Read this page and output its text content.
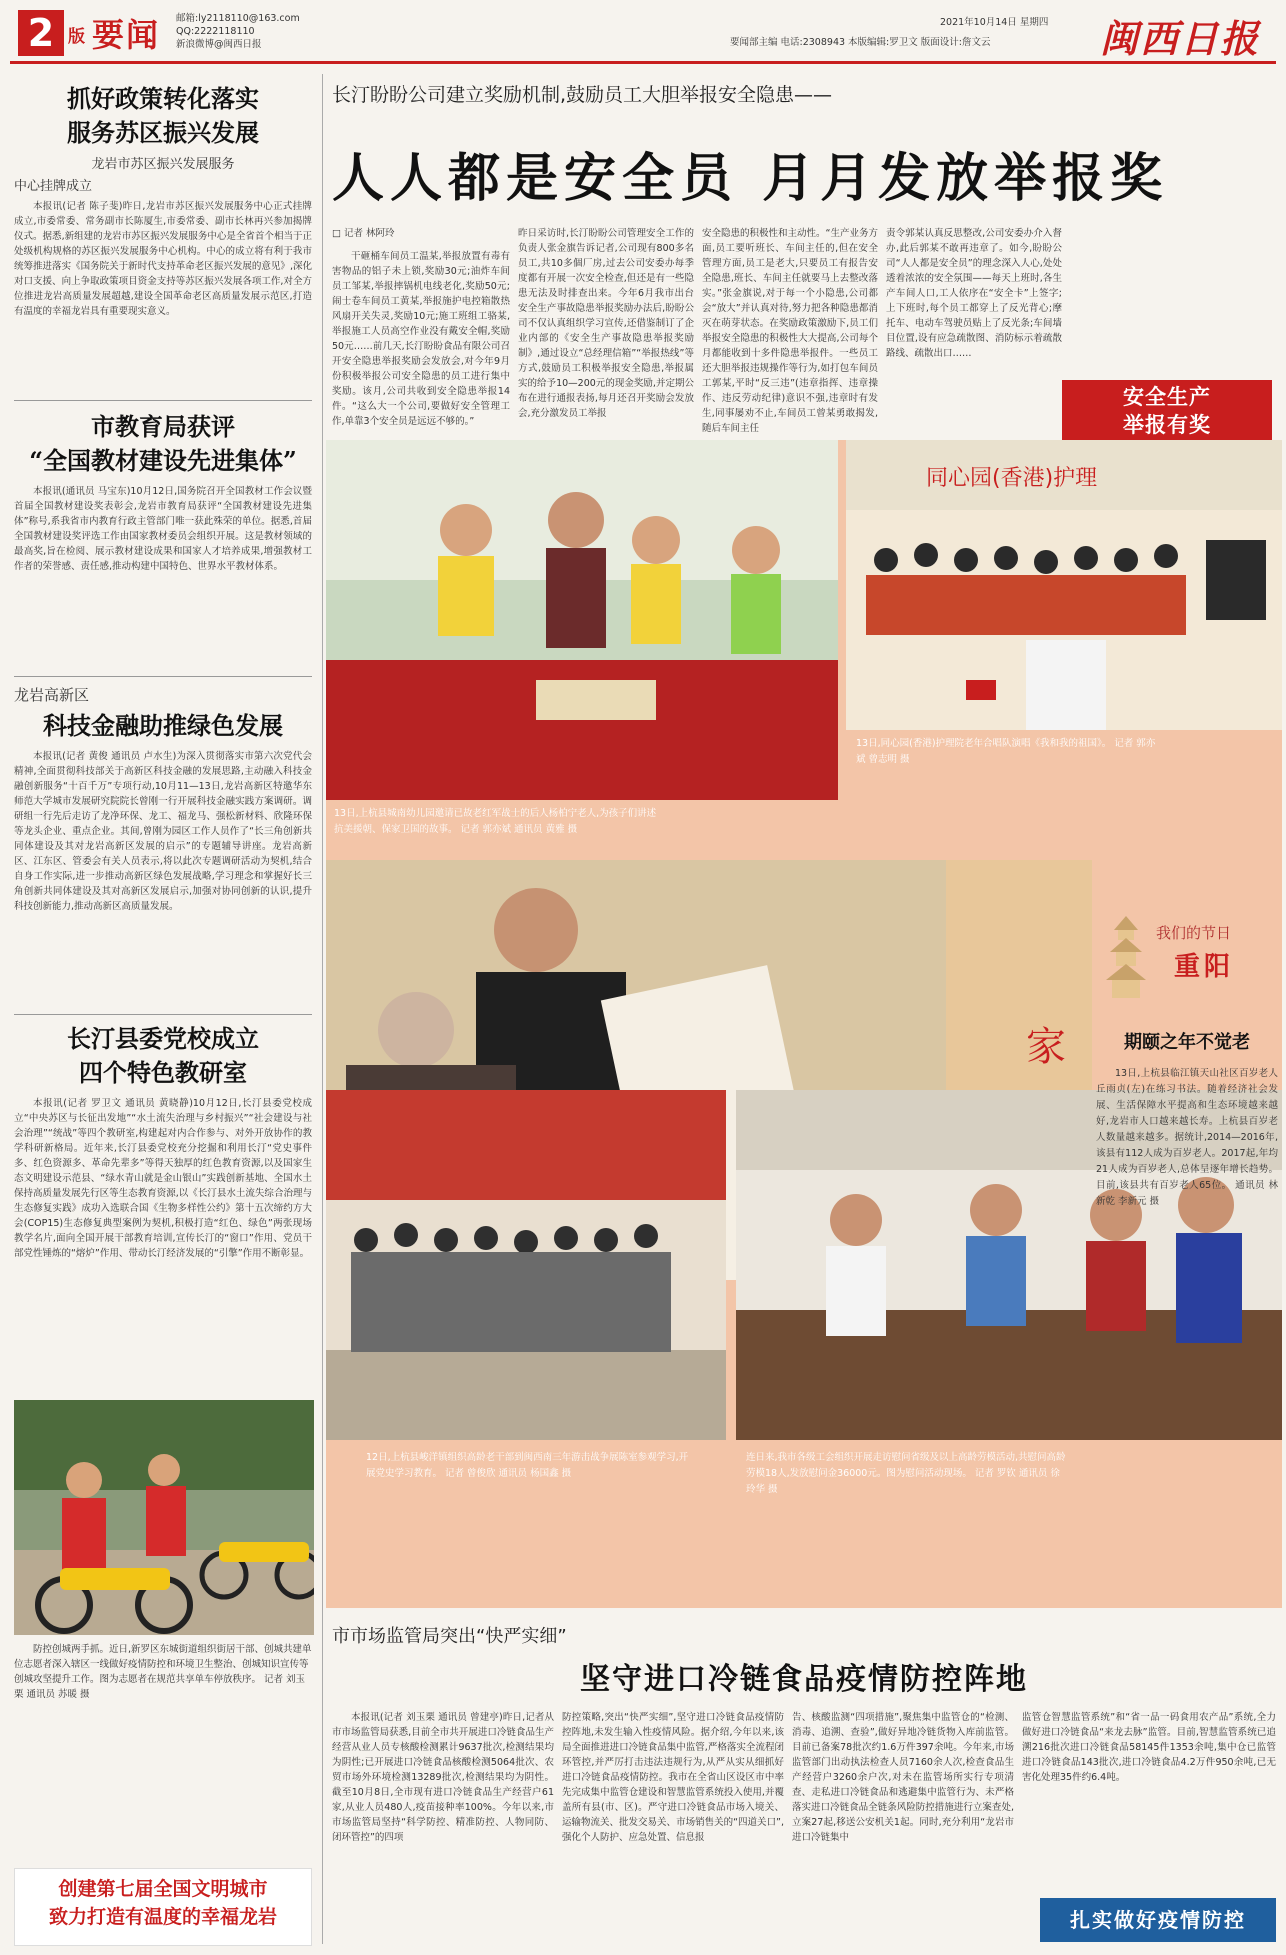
2 版 要闻 邮箱:ly2118110@163.com
QQ:2222118110
新浪微博@闽西日报
2021年10月14日 星期四
要闻部主编 电话:2308943 本版编辑:罗卫文 版面设计:詹文云	闽西日报
抓好政策转化落实
服务苏区振兴发展
龙岩市苏区振兴发展服务
中心挂牌成立

本报讯(记者 陈子斐)昨日,龙岩市苏区振兴发展服务中心正式挂牌成立,市委常委、常务副市长陈厦生,市委常委、副市长林再兴参加揭牌仪式。据悉,新组建的龙岩市苏区振兴发展服务中心是全省首个相当于正处级机构规格的苏区振兴发展服务中心机构。中心的成立将有利于我市统筹推进落实《国务院关于新时代支持革命老区振兴发展的意见》,深化对口支援、向上争取政策项目资金支持等苏区振兴发展各项工作,对全方位推进龙岩高质量发展超越,建设全国革命老区高质量发展示范区,打造有温度的幸福龙岩具有重要现实意义。

市教育局获评
“全国教材建设先进集体”

本报讯(通讯员 马宝东)10月12日,国务院召开全国教材工作会议暨首届全国教材建设奖表彰会,龙岩市教育局获评“全国教材建设先进集体”称号,系我省市内教育行政主管部门唯一获此殊荣的单位。据悉,首届全国教材建设奖评选工作由国家教材委员会组织开展。这是教材领域的最高奖,旨在检阅、展示教材建设成果和国家人才培养成果,增强教材工作者的荣誉感、责任感,推动构建中国特色、世界水平教材体系。

龙岩高新区
科技金融助推绿色发展

本报讯(记者 黄俊 通讯员 卢水生)为深入贯彻落实市第六次党代会精神,全面贯彻科技部关于高新区科技金融的发展思路,主动融入科技金融创新服务“十百千万”专项行动,10月11—13日,龙岩高新区特邀华东师范大学城市发展研究院院长曾刚一行开展科技金融实践方案调研。调研组一行先后走访了龙净环保、龙工、福龙马、强松新材料、欣隆环保等龙头企业、重点企业。其间,曾刚为园区工作人员作了“长三角创新共同体建设及其对龙岩高新区发展的启示”的专题辅导讲座。龙岩高新区、江东区、管委会有关人员表示,将以此次专题调研活动为契机,结合自身工作实际,进一步推动高新区绿色发展战略,学习理念和掌握好长三角创新共同体建设及其对高新区发展启示,加强对协同创新的认识,提升科技创新能力,推动高新区高质量发展。

长汀县委党校成立
四个特色教研室

本报讯(记者 罗卫文 通讯员 黄晓静)10月12日,长汀县委党校成立“中央苏区与长征出发地”“水土流失治理与乡村振兴”“社会建设与社会治理”“统战”等四个教研室,构建起对内合作参与、对外开放协作的教学科研新格局。近年来,长汀县委党校充分挖掘和利用长汀“党史事件多、红色资源多、革命先辈多”等得天独厚的红色教育资源,以及国家生态文明建设示范县、“绿水青山就是金山银山”实践创新基地、全国水土保持高质量发展先行区等生态教育资源,以《长汀县水土流失综合治理与生态修复实践》成功入选联合国《生物多样性公约》第十五次缔约方大会(COP15)生态修复典型案例为契机,积极打造“红色、绿色”两张现场教学名片,面向全国开展干部教育培训,宣传长汀的“窗口”作用、党员干部党性锤炼的“熔炉”作用、带动长汀经济发展的“引擎”作用不断彰显。

防控创城两手抓。近日,新罗区东城街道组织街居干部、创城共建单位志愿者深入辖区一线做好疫情防控和环境卫生整治、创城知识宣传等创城攻坚提升工作。图为志愿者在规范共享单车停放秩序。 记者 刘玉栗 通讯员 苏暖 摄

创建第七届全国文明城市
致力打造有温度的幸福龙岩
长汀盼盼公司建立奖励机制,鼓励员工大胆举报安全隐患——
人人都是安全员 月月发放举报奖
□ 记者 林阿玲

干砸桶车间员工温某,举报放置有毒有害物品的铝子未上锁,奖励30元;油炸车间员工邹某,举报摔锅机电线老化,奖励50元;闹士卷车间员工黄某,举报施护电控箱散热风扇开关失灵,奖励10元;施工班组工骆某,举报施工人员高空作业没有戴安全帽,奖励50元……前几天,长汀盼盼食品有限公司召开安全隐患举报奖励会发放会,对今年9月份积极举报公司安全隐患的员工进行集中奖励。该月,公司共收到安全隐患举报14件。“这么大一个公司,要做好安全管理工作,单靠3个安全员是远远不够的。”

昨日采访时,长汀盼盼公司管理安全工作的负责人张金旗告诉记者,公司现有800多名员工,共10多個厂房,过去公司安委办每季度都有开展一次安全检查,但还是有一些隐患无法及时排查出来。今年6月我市出台安全生产事故隐患举报奖励办法后,盼盼公司不仅认真组织学习宣传,还借鉴制订了企业内部的《安全生产事故隐患举报奖励制》,通过设立“总经理信箱”“举报热线”等方式,鼓励员工积极举报安全隐患,举报属实的给予10—200元的现金奖励,并定期公布在进行通报表扬,每月还召开奖励会发放会,充分激发员工举报

安全隐患的积极性和主动性。“生产业务方面,员工要听班长、车间主任的,但在安全管理方面,员工是老大,只要员工有报告安全隐患,班长、车间主任就要马上去整改落实。”张金旗说,对于每一个小隐患,公司都会“放大”并认真对待,努力把各种隐患都消灭在萌芽状态。在奖励政策激励下,员工们举报安全隐患的积极性大大提高,公司每个月都能收到十多件隐患举报件。一些员工还大胆举报违规操作等行为,如打包车间员工郭某,平时“反三违”(违章指挥、违章操作、违反劳动纪律)意识不强,违章时有发生,同事屡劝不止,车间员工曾某勇敢揭发,随后车间主任

责令郭某认真反思整改,公司安委办介入督办,此后郭某不敢再违章了。如今,盼盼公司“人人都是安全员”的理念深入人心,处处透着浓浓的安全氛围——每天上班时,各生产车间人口,工人依序在“安全卡”上签字;上下班时,每个员工都穿上了反光背心;摩托车、电动车驾驶员贴上了反光条;车间墙目位置,设有应急疏散图、消防标示着疏散路线、疏散出口……

安全生产
举报有奖
同心园(香港)护理

13日,上杭县城南幼儿园邀请已故老红军战士的后人杨柏宁老人,为孩子们讲述抗美援朝、保家卫国的故事。 记者 郭亦斌 通讯员 黄雅 摄

13日,同心园(香港)护理院老年合唱队演唱《我和我的祖国》。 记者 郭亦斌 曾志明 摄

家

12日,上杭县峻洋镇组织高龄老干部到闽西南三年游击战争展陈室参观学习,开展党史学习教育。 记者 曾俊欣 通讯员 杨国鑫 摄

连日来,我市各级工会组织开展走访慰问省级及以上高龄劳模活动,共慰问高龄劳模18人,发放慰问金36000元。图为慰问活动现场。 记者 罗钦 通讯员 徐玲华 摄

我们的节日
重阳
期颐之年不觉老

13日,上杭县临江镇天山社区百岁老人丘雨贞(左)在练习书法。随着经济社会发展、生活保障水平提高和生态环境越来越好,龙岩市人口越来越长寿。上杭县百岁老人数量越来越多。据统计,2014—2016年,该县有112人成为百岁老人。2017起,年均21人成为百岁老人,总体呈逐年增长趋势。目前,该县共有百岁老人65位。 通讯员 林新乾 李新元 摄

市市场监管局突出“快严实细”
坚守进口冷链食品疫情防控阵地

本报讯(记者 刘玉栗 通讯员 曾建亭)昨日,记者从市市场监管局获悉,目前全市共开展进口冷链食品生产经营从业人员专核酸检测累计9637批次,检测结果均为阴性;已开展进口冷链食品核酸检测5064批次、农贸市场外环境检测13289批次,检测结果均为阴性。截至10月8日,全市现有进口冷链食品生产经营户61家,从业人员480人,疫苗接种率100%。今年以来,市市场监管局坚持“科学防控、精准防控、人物同防、闭环管控”的四项

防控策略,突出“快严实细”,坚守进口冷链食品疫情防控阵地,未发生输入性疫情风险。据介绍,今年以来,该局全面推进进口冷链食品集中监管,严格落实全流程闭环管控,并严厉打击违法违规行为,从严从实从细抓好进口冷链食品疫情防控。我市在全省山区设区市中率先完成集中监管仓建设和智慧监管系统投入使用,并覆盖所有县(市、区)。严守进口冷链食品市场入境关、运输物流关、批发交易关、市场销售关的“四道关口”,强化个人防护、应急处置、信息报

告、核酸监测“四项措施”,聚焦集中监管仓的“检测、消毒、追溯、查验”,做好异地冷链货物入库前监管。目前已备案78批次约1.6万件397余吨。今年来,市场监管部门出动执法检查人员7160余人次,检查食品生产经营户3260余户次,对未在监管场所实行专项清查、走私进口冷链食品和逃避集中监管行为、未严格落实进口冷链食品全链条风险防控措施进行立案查处,立案27起,移送公安机关1起。同时,充分利用“龙岩市进口冷链集中

监管仓智慧监管系统”和“省一品一码食用农产品”系统,全力做好进口冷链食品“来龙去脉”监管。目前,智慧监管系统已追溯216批次进口冷链食品58145件1353余吨,集中仓已监管进口冷链食品143批次,进口冷链食品4.2万件950余吨,已无害化处理35件约6.4吨。

扎实做好疫情防控
